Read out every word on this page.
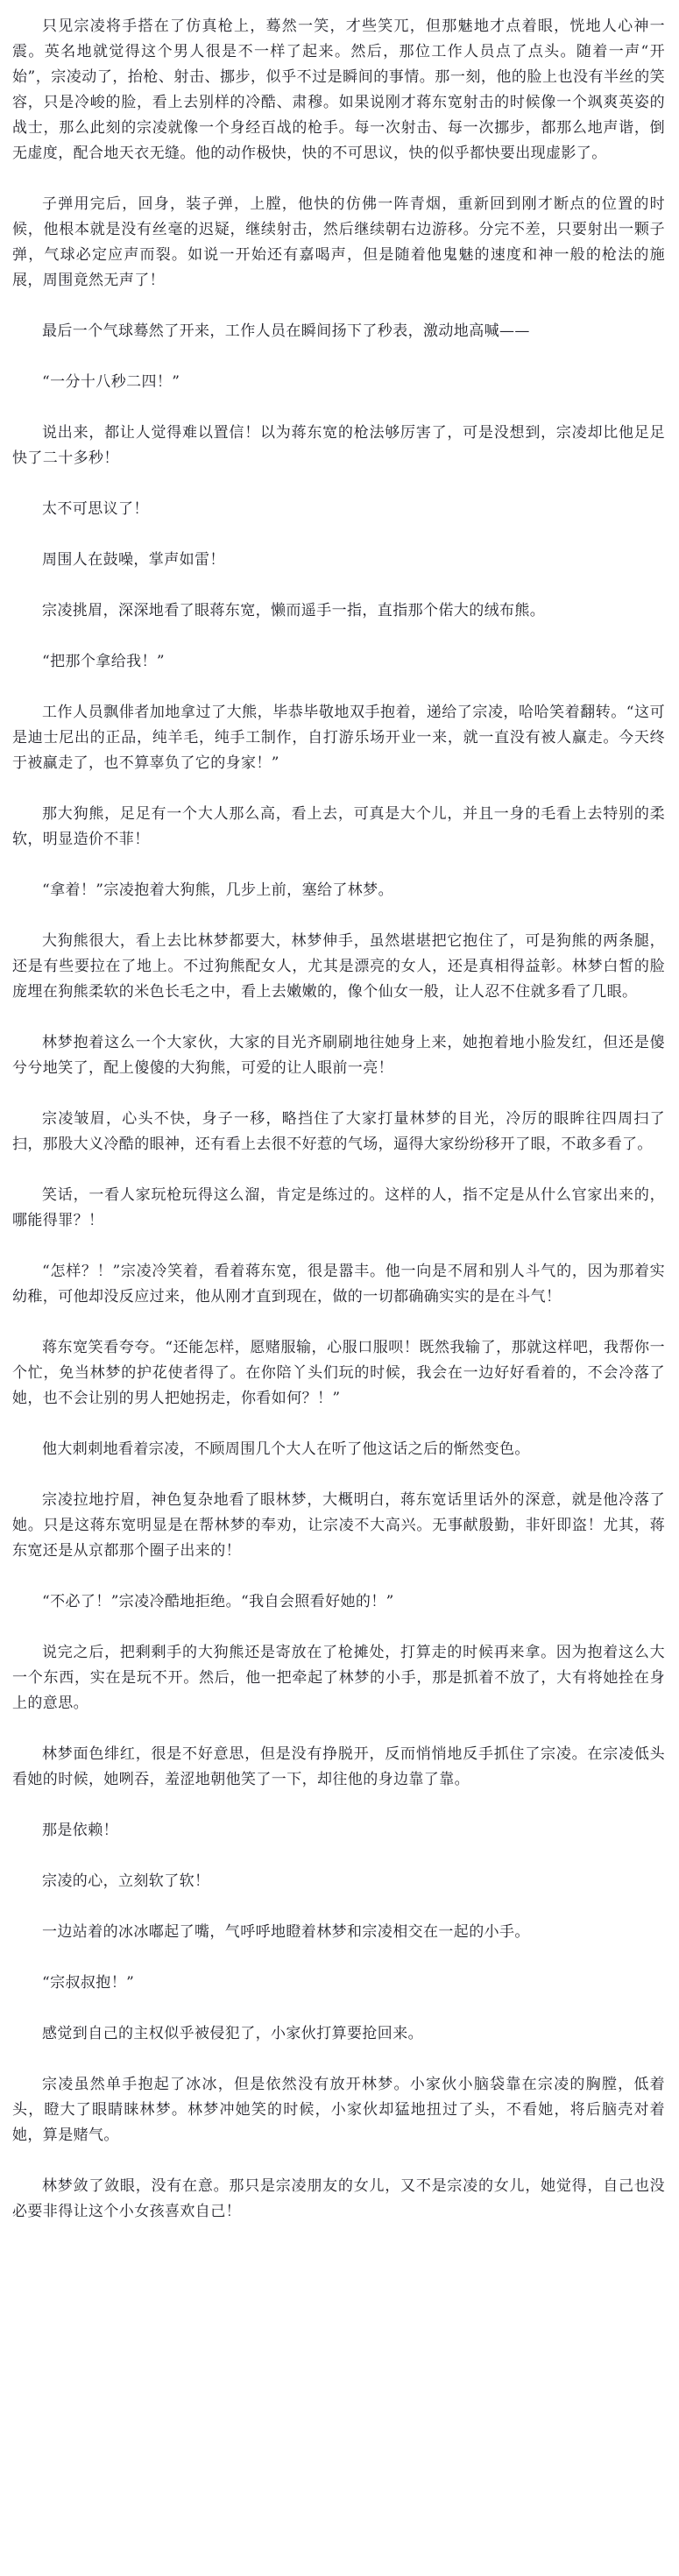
只见宗凌将手搭在了仿真枪上，蓦然一笑，才些笑兀，但那魅地才点着眼，恍地人心神一震。英名地就觉得这个男人很是不一样了起来。然后，那位工作人员点了点头。随着一声“开始”，宗凌动了，抬枪、射击、挪步，似乎不过是瞬间的事情。那一刻，他的脸上也没有半丝的笑容，只是冷峻的脸，看上去别样的冷酷、肃穆。如果说刚才蒋东宽射击的时候像一个飒爽英姿的战士，那么此刻的宗凌就像一个身经百战的枪手。每一次射击、每一次挪步，都那么地声谐，倒无虚度，配合地天衣无缝。他的动作极快，快的不可思议，快的似乎都快要出现虚影了。

子弹用完后，回身，装子弹，上膛，他快的仿佛一阵青烟，重新回到刚才断点的位置的时候，他根本就是没有丝毫的迟疑，继续射击，然后继续朝右边游移。分完不差，只要射出一颗子弹，气球必定应声而裂。如说一开始还有嘉喝声，但是随着他鬼魅的速度和神一般的枪法的施展，周围竟然无声了！

最后一个气球蓦然了开来，工作人员在瞬间扬下了秒表，激动地高喊——

“一分十八秒二四！”

说出来，都让人觉得难以置信！以为蒋东宽的枪法够厉害了，可是没想到，宗凌却比他足足快了二十多秒！

太不可思议了！

周围人在鼓噪，掌声如雷！

宗凌挑眉，深深地看了眼蒋东宽，懒而遥手一指，直指那个偌大的绒布熊。

“把那个拿给我！”

工作人员飘俳者加地拿过了大熊，毕恭毕敬地双手抱着，递给了宗凌，哈哈笑着翻转。“这可是迪士尼出的正品，纯羊毛，纯手工制作，自打游乐场开业一来，就一直没有被人赢走。今天终于被赢走了，也不算辜负了它的身家！”

那大狗熊，足足有一个大人那么高，看上去，可真是大个儿，并且一身的毛看上去特别的柔软，明显造价不菲！

“拿着！”宗凌抱着大狗熊，几步上前，塞给了林梦。

大狗熊很大，看上去比林梦都要大，林梦伸手，虽然堪堪把它抱住了，可是狗熊的两条腿，还是有些要拉在了地上。不过狗熊配女人，尤其是漂亮的女人，还是真相得益彰。林梦白皙的脸庞埋在狗熊柔软的米色长毛之中，看上去嫩嫩的，像个仙女一般，让人忍不住就多看了几眼。

林梦抱着这么一个大家伙，大家的目光齐刷刷地往她身上来，她抱着地小脸发红，但还是傻兮兮地笑了，配上傻傻的大狗熊，可爱的让人眼前一亮！

宗凌皱眉，心头不快，身子一移，略挡住了大家打量林梦的目光，冷厉的眼眸往四周扫了扫，那股大义冷酷的眼神，还有看上去很不好惹的气场，逼得大家纷纷移开了眼，不敢多看了。

笑话，一看人家玩枪玩得这么溜，肯定是练过的。这样的人，指不定是从什么官家出来的，哪能得罪？！

“怎样？！”宗凌冷笑着，看着蒋东宽，很是嚣丰。他一向是不屑和别人斗气的，因为那着实幼稚，可他却没反应过来，他从刚才直到现在，做的一切都确确实实的是在斗气！

蒋东宽笑看夸夸。“还能怎样，愿赌服输，心服口服呗！既然我输了，那就这样吧，我帮你一个忙，免当林梦的护花使者得了。在你陪丫头们玩的时候，我会在一边好好看着的，不会冷落了她，也不会让别的男人把她拐走，你看如何？！”

他大刺刺地看着宗凌，不顾周围几个大人在听了他这话之后的惭然变色。

宗凌拉地拧眉，神色复杂地看了眼林梦，大概明白，蒋东宽话里话外的深意，就是他冷落了她。只是这蒋东宽明显是在帮林梦的奉劝，让宗凌不大高兴。无事献殷勤，非奸即盗！尤其，蒋东宽还是从京都那个圈子出来的！

“不必了！”宗凌冷酷地拒绝。“我自会照看好她的！”

说完之后，把剩剩手的大狗熊还是寄放在了枪摊处，打算走的时候再来拿。因为抱着这么大一个东西，实在是玩不开。然后，他一把牵起了林梦的小手，那是抓着不放了，大有将她拴在身上的意思。

林梦面色绯红，很是不好意思，但是没有挣脱开，反而悄悄地反手抓住了宗凌。在宗凌低头看她的时候，她咧吞，羞涩地朝他笑了一下，却往他的身边靠了靠。

那是依赖！

宗凌的心，立刻软了软！

一边站着的冰冰嘟起了嘴，气呼呼地瞪着林梦和宗凌相交在一起的小手。

“宗叔叔抱！”

感觉到自己的主权似乎被侵犯了，小家伙打算要抢回来。

宗凌虽然单手抱起了冰冰，但是依然没有放开林梦。小家伙小脑袋靠在宗凌的胸膛，低着头，瞪大了眼睛睐林梦。林梦冲她笑的时候，小家伙却猛地扭过了头，不看她，将后脑壳对着她，算是赌气。

林梦敛了敛眼，没有在意。那只是宗凌朋友的女儿，又不是宗凌的女儿，她觉得，自己也没必要非得让这个小女孩喜欢自己！
